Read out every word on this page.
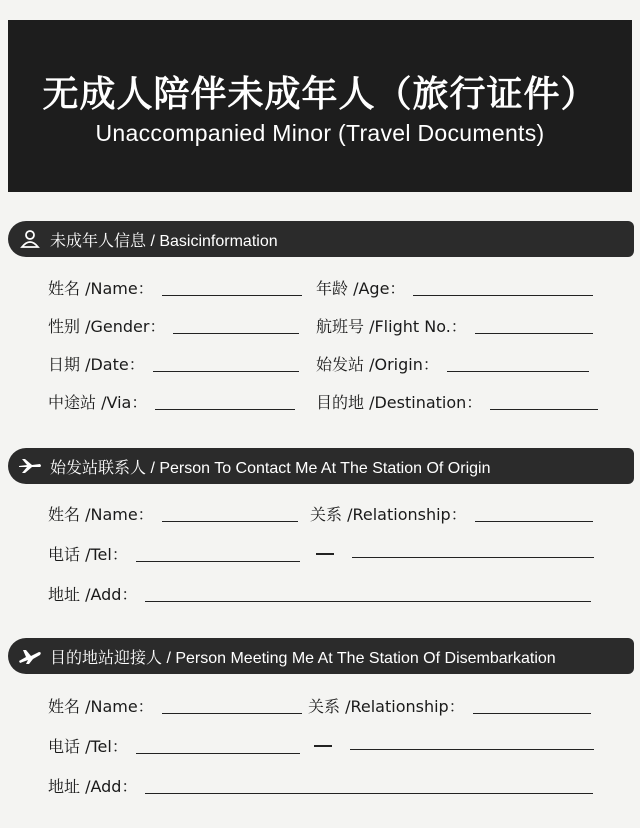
无成人陪伴未成年人（旅行证件）
Unaccompanied Minor (Travel Documents)
未成年人信息 / Basicinformation
姓名 /Name：	年龄 /Age：
性别 /Gender：	航班号 /Flight No.：
日期 /Date：	始发站 /Origin：
中途站 /Via：	目的地 /Destination：
始发站联系人 / Person To Contact Me At The Station Of Origin
姓名 /Name：	关系 /Relationship：
电话 /Tel：
地址 /Add：
目的地站迎接人 / Person Meeting Me At The Station Of Disembarkation
姓名 /Name：	关系 /Relationship：
电话 /Tel：
地址 /Add：
